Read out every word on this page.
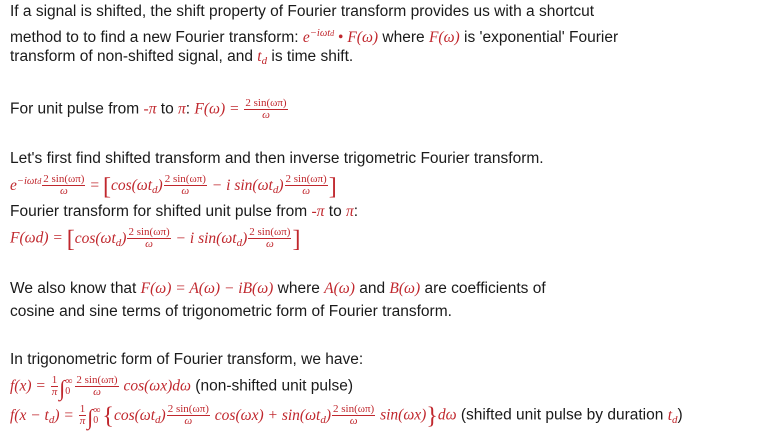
If a signal is shifted, the shift property of Fourier transform provides us with a shortcut
method to to find a new Fourier transform: $e^{-i\omega td}$ • F(ω) where F(ω) is 'exponential' Fourier
transform of non-shifted signal, and $t_d$ is time shift.
For unit pulse from -π to π: $F(\omega) = \frac{2 \sin(\omega\pi)}{\omega}$
Let's first find shifted transform and then inverse trigometric Fourier transform.
$e^{-i\omega td} \frac{2 \sin(\omega\pi)}{\omega} = [\cos(\omega t_d) \frac{2 \sin(\omega\pi)}{\omega} - i$ $\sin(\omega t_d) \frac{2 \sin(\omega\pi)}{\omega}$ ]
Fourier transform for shifted unit pulse from -π to π:
$F(\omega d) = [\cos(\omega t_d) \frac{2 \sin(\omega\pi)}{\omega} - i$ $\sin(\omega t_d) \frac{2 \sin(\omega\pi)}{\omega}$ ]
We also know that F(ω) = A(ω) − iB(ω) where A(ω) and B(ω) are coefficients of
cosine and sine terms of trigonometric form of Fourier transform.
In trigonometric form of Fourier transform, we have:
$f(x) = \frac{1}{\pi}$ ∫ ∞
$0 \frac{2 \sin(\omega\pi)}{\omega} \cos(\omega x)d\omega$ (non-shifted unit pulse)
$f(x - t_d) = \frac{1}{\pi}$ ∫ ∞
0 $\{\cos(\omega t_d) \frac{2 \sin(\omega\pi)}{\omega} \cos(\omega x) + \sin(\omega t_d) \frac{2 \sin(\omega\pi)}{\omega} \sin(\omega x)\}d\omega$ (shifted unit pulse by duration $t_d$)
